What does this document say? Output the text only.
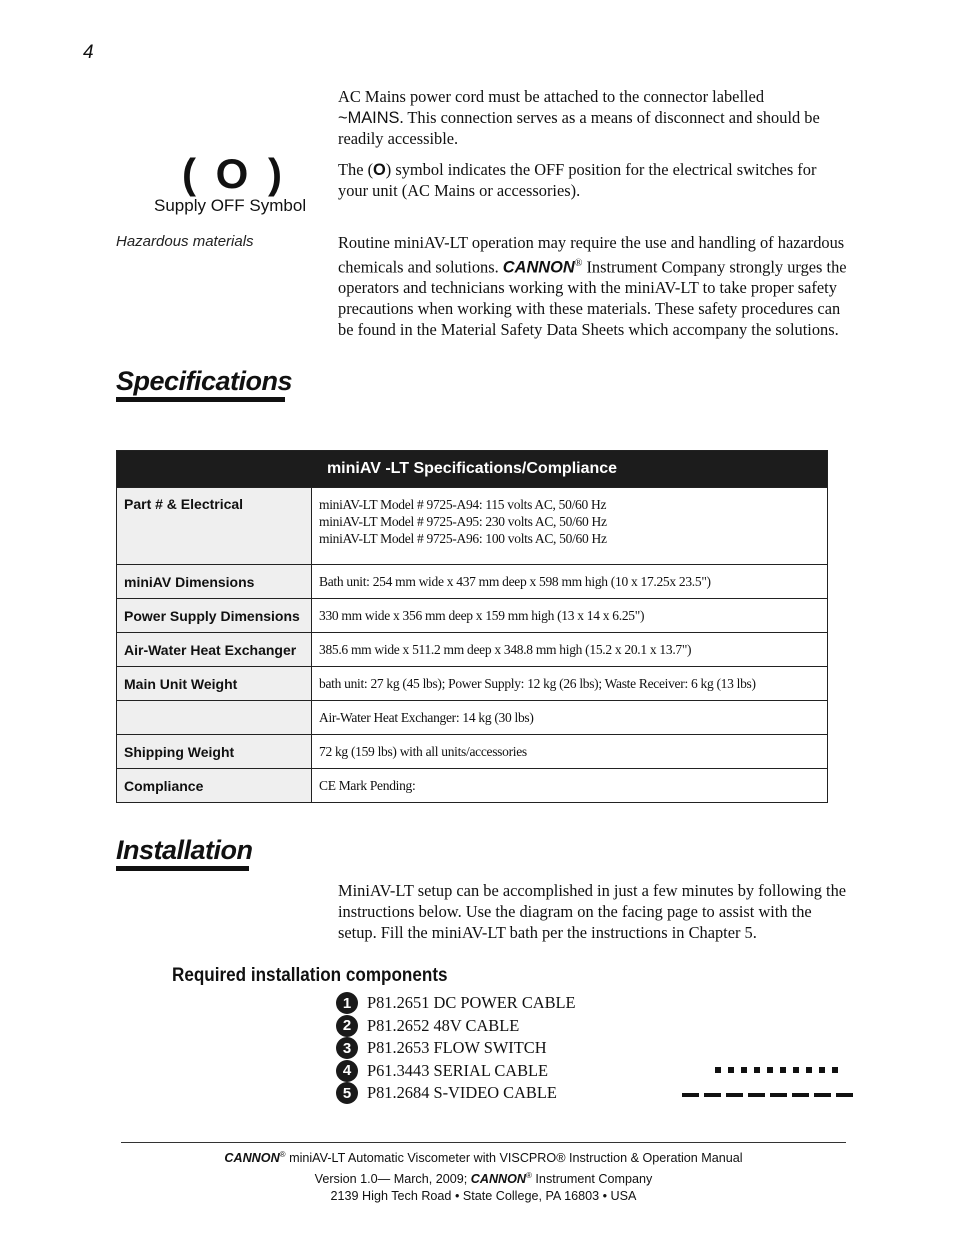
4

AC Mains power cord must be attached to the connector labelled
~MAINS. This connection serves as a means of disconnect and should be
readily accessible.

( O )
Supply OFF Symbol

The (O) symbol indicates the OFF position for the electrical switches for your unit (AC Mains or accessories).

Hazardous materials	Routine miniAV-LT operation may require the use and handling of hazardous chemicals and solutions. CANNON® Instrument Company strongly urges the operators and technicians working with the miniAV-LT to take proper safety precautions when working with these materials. These safety procedures can be found in the Material Safety Data Sheets which accompany the solutions.

Specifications
miniAV -LT Specifications/Compliance	
Part # & Electrical	miniAV-LT Model # 9725-A94: 115 volts AC, 50/60 Hz
miniAV-LT Model # 9725-A95: 230 volts AC, 50/60 Hz
miniAV-LT Model # 9725-A96: 100 volts AC, 50/60 Hz

miniAV Dimensions	Bath unit: 254 mm wide x 437 mm deep x 598 mm high (10 x 17.25x 23.5")
Power Supply Dimensions	330 mm wide x 356 mm deep x 159 mm high (13 x 14 x 6.25")
Air-Water Heat Exchanger	385.6 mm wide x 511.2 mm deep x 348.8 mm high (15.2 x 20.1 x 13.7")
Main Unit Weight	bath unit: 27 kg (45 lbs); Power Supply: 12 kg (26 lbs); Waste Receiver: 6 kg (13 lbs)
	Air-Water Heat Exchanger: 14 kg (30 lbs)
Shipping Weight	72 kg (159 lbs) with all units/accessories
Compliance	CE Mark Pending:
Installation

MiniAV-LT setup can be accomplished in just a few minutes by following the instructions below. Use the diagram on the facing page to assist with the setup. Fill the miniAV-LT bath per the instructions in Chapter 5.

Required installation components
1 P81.2651 DC POWER CABLE
2 P81.2652 48V CABLE
3 P81.2653 FLOW SWITCH
4 P61.3443 SERIAL CABLE
5 P81.2684 S-VIDEO CABLE
CANNON® miniAV-LT Automatic Viscometer with VISCPRO® Instruction & Operation Manual
Version 1.0— March, 2009; CANNON® Instrument Company
2139 High Tech Road • State College, PA 16803 • USA
